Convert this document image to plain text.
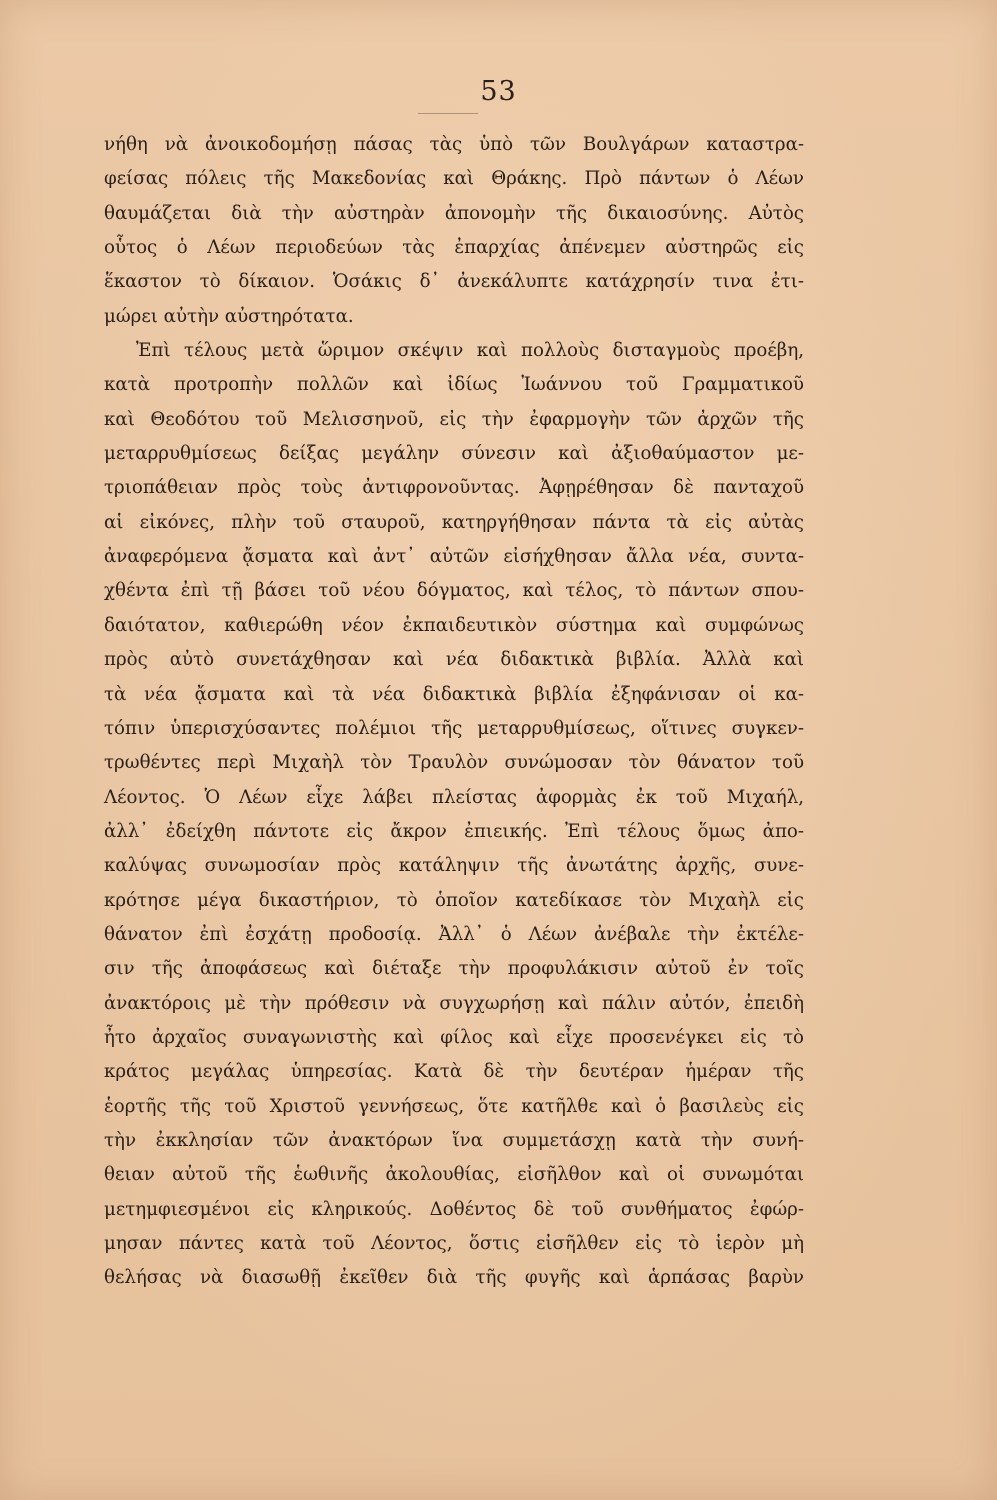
53
νήθη νὰ ἀνοικοδομήσῃ πάσας τὰς ὑπὸ τῶν Βουλγάρων καταστρα-
φείσας πόλεις τῆς Μακεδονίας καὶ Θράκης. Πρὸ πάντων ὁ Λέων
θαυμάζεται διὰ τὴν αὐστηρὰν ἀπονομὴν τῆς δικαιοσύνης. Αὐτὸς
οὗτος ὁ Λέων περιοδεύων τὰς ἐπαρχίας ἀπένεμεν αὐστηρῶς εἰς
ἕκαστον τὸ δίκαιον. Ὁσάκις δ᾽ ἀνεκάλυπτε κατάχρησίν τινα ἐτι-
μώρει αὐτὴν αὐστηρότατα.
Ἐπὶ τέλους μετὰ ὥριμον σκέψιν καὶ πολλοὺς δισταγμοὺς προέβη,
κατὰ προτροπὴν πολλῶν καὶ ἰδίως Ἰωάννου τοῦ Γραμματικοῦ
καὶ Θεοδότου τοῦ Μελισσηνοῦ, εἰς τὴν ἐφαρμογὴν τῶν ἀρχῶν τῆς
μεταρρυθμίσεως δείξας μεγάλην σύνεσιν καὶ ἀξιοθαύμαστον με-
τριοπάθειαν πρὸς τοὺς ἀντιφρονοῦντας. Ἀφῃρέθησαν δὲ πανταχοῦ
αἱ εἰκόνες, πλὴν τοῦ σταυροῦ, κατηργήθησαν πάντα τὰ εἰς αὐτὰς
ἀναφερόμενα ᾄσματα καὶ ἀντ᾽ αὐτῶν εἰσήχθησαν ἄλλα νέα, συντα-
χθέντα ἐπὶ τῇ βάσει τοῦ νέου δόγματος, καὶ τέλος, τὸ πάντων σπου-
δαιότατον, καθιερώθη νέον ἐκπαιδευτικὸν σύστημα καὶ συμφώνως
πρὸς αὐτὸ συνετάχθησαν καὶ νέα διδακτικὰ βιβλία. Ἀλλὰ καὶ
τὰ νέα ᾄσματα καὶ τὰ νέα διδακτικὰ βιβλία ἐξηφάνισαν οἱ κα-
τόπιν ὑπερισχύσαντες πολέμιοι τῆς μεταρρυθμίσεως, οἵτινες συγκεν-
τρωθέντες περὶ Μιχαὴλ τὸν Τραυλὸν συνώμοσαν τὸν θάνατον τοῦ
Λέοντος. Ὁ Λέων εἶχε λάβει πλείστας ἀφορμὰς ἐκ τοῦ Μιχαήλ,
ἀλλ᾽ ἐδείχθη πάντοτε εἰς ἄκρον ἐπιεικής. Ἐπὶ τέλους ὅμως ἀπο-
καλύψας συνωμοσίαν πρὸς κατάληψιν τῆς ἀνωτάτης ἀρχῆς, συνε-
κρότησε μέγα δικαστήριον, τὸ ὁποῖον κατεδίκασε τὸν Μιχαὴλ εἰς
θάνατον ἐπὶ ἐσχάτῃ προδοσίᾳ. Ἀλλ᾽ ὁ Λέων ἀνέβαλε τὴν ἐκτέλε-
σιν τῆς ἀποφάσεως καὶ διέταξε τὴν προφυλάκισιν αὐτοῦ ἐν τοῖς
ἀνακτόροις μὲ τὴν πρόθεσιν νὰ συγχωρήσῃ καὶ πάλιν αὐτόν, ἐπειδὴ
ἦτο ἀρχαῖος συναγωνιστὴς καὶ φίλος καὶ εἶχε προσενέγκει εἰς τὸ
κράτος μεγάλας ὑπηρεσίας. Κατὰ δὲ τὴν δευτέραν ἡμέραν τῆς
ἑορτῆς τῆς τοῦ Χριστοῦ γεννήσεως, ὅτε κατῆλθε καὶ ὁ βασιλεὺς εἰς
τὴν ἐκκλησίαν τῶν ἀνακτόρων ἵνα συμμετάσχῃ κατὰ τὴν συνή-
θειαν αὐτοῦ τῆς ἑωθινῆς ἀκολουθίας, εἰσῆλθον καὶ οἱ συνωμόται
μετημφιεσμένοι εἰς κληρικούς. Δοθέντος δὲ τοῦ συνθήματος ἐφώρ-
μησαν πάντες κατὰ τοῦ Λέοντος, ὅστις εἰσῆλθεν εἰς τὸ ἱερὸν μὴ
θελήσας νὰ διασωθῇ ἐκεῖθεν διὰ τῆς φυγῆς καὶ ἁρπάσας βαρὺν
